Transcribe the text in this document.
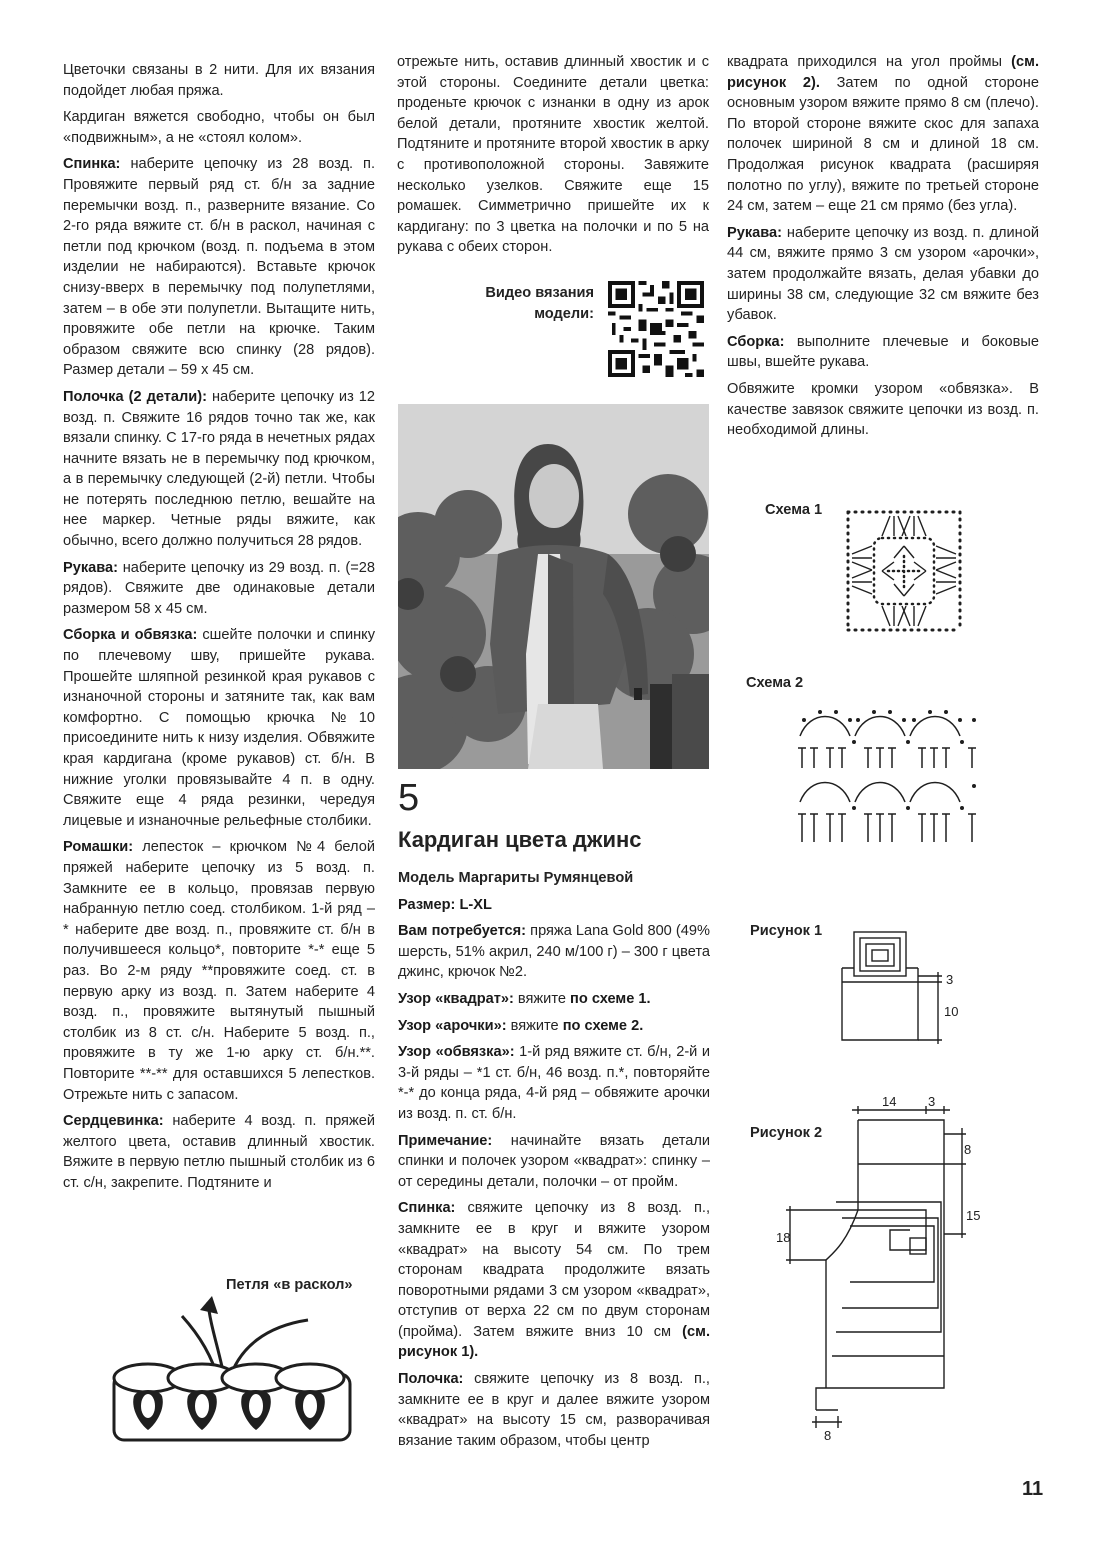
Цветочки связаны в 2 нити. Для их вязания подойдет любая пряжа.

Кардиган вяжется свободно, чтобы он был «подвижным», а не «стоял колом».

Спинка: наберите цепочку из 28 возд. п. Провяжите первый ряд ст. б/н за задние перемычки возд. п., разверните вязание. Со 2-го ряда вяжите ст. б/н в раскол, начиная с петли под крючком (возд. п. подъема в этом изделии не набираются). Вставьте крючок снизу-вверх в перемычку под полупетлями, затем – в обе эти полупетли. Вытащите нить, провяжите обе петли на крючке. Таким образом свяжите всю спинку (28 рядов). Размер детали – 59 х 45 см.

Полочка (2 детали): наберите цепочку из 12 возд. п. Свяжите 16 рядов точно так же, как вязали спинку. С 17-го ряда в нечетных рядах начните вязать не в перемычку под крючком, а в перемычку следующей (2-й) петли. Чтобы не потерять последнюю петлю, вешайте на нее маркер. Четные ряды вяжите, как обычно, всего должно получиться 28 рядов.

Рукава: наберите цепочку из 29 возд. п. (=28 рядов). Свяжите две одинаковые детали размером 58 х 45 см.

Сборка и обвязка: сшейте полочки и спинку по плечевому шву, пришейте рукава. Прошейте шляпной резинкой края рукавов с изнаночной стороны и затяните так, как вам комфортно. С помощью крючка №10 присоедините нить к низу изделия. Обвяжите края кардигана (кроме рукавов) ст. б/н. В нижние уголки провязывайте 4 п. в одну. Свяжите еще 4 ряда резинки, чередуя лицевые и изнаночные рельефные столбики.

Ромашки: лепесток – крючком №4 белой пряжей наберите цепочку из 5 возд. п. Замкните ее в кольцо, провязав первую набранную петлю соед. столбиком. 1-й ряд – * наберите две возд. п., провяжите ст. б/н в получившееся кольцо*, повторите *-* еще 5 раз. Во 2-м ряду **провяжите соед. ст. в первую арку из возд. п. Затем наберите 4 возд. п., провяжите вытянутый пышный столбик из 8 ст. с/н. Наберите 5 возд. п., провяжите в ту же 1-ю арку ст. б/н.**. Повторите **-** для оставшихся 5 лепестков. Отрежьте нить с запасом.

Сердцевинка: наберите 4 возд. п. пряжей желтого цвета, оставив длинный хвостик. Вяжите в первую петлю пышный столбик из 6 ст. с/н, закрепите. Подтяните и

Петля «в раскол»

отрежьте нить, оставив длинный хвостик и с этой стороны. Соедините детали цветка: проденьте крючок с изнанки в одну из арок белой детали, протяните хвостик желтой. Подтяните и протяните второй хвостик в арку с противоположной стороны. Завяжите несколько узелков. Свяжите еще 15 ромашек. Симметрично пришейте их к кардигану: по 3 цветка на полочки и по 5 на рукава с обеих сторон.

Видео вязания модели:
5
Кардиган цвета джинс

Модель Маргариты Румянцевой

Размер: L-XL

Вам потребуется: пряжа Lana Gold 800 (49% шерсть, 51% акрил, 240 м/100 г) – 300 г цвета джинс, крючок №2.

Узор «квадрат»: вяжите по схеме 1.

Узор «арочки»: вяжите по схеме 2.

Узор «обвязка»: 1-й ряд вяжите ст. б/н, 2-й и 3-й ряды – *1 ст. б/н, 46 возд. п.*, повторяйте *-* до конца ряда, 4-й ряд – обвяжите арочки из возд. п. ст. б/н.

Примечание: начинайте вязать детали спинки и полочек узором «квадрат»: спинку – от середины детали, полочки – от пройм.

Спинка: свяжите цепочку из 8 возд. п., замкните ее в круг и вяжите узором «квадрат» на высоту 54 см. По трем сторонам квадрата продолжите вязать поворотными рядами 3 см узором «квадрат», отступив от верха 22 см по двум сторонам (пройма). Затем вяжите вниз 10 см (см. рисунок 1).

Полочка: свяжите цепочку из 8 возд. п., замкните ее в круг и далее вяжите узором «квадрат» на высоту 15 см, разворачивая вязание таким образом, чтобы центр

квадрата приходился на угол проймы (см. рисунок 2). Затем по одной стороне основным узором вяжите прямо 8 см (плечо). По второй стороне вяжите скос для запаха полочек шириной 8 см и длиной 18 см. Продолжая рисунок квадрата (расширяя полотно по углу), вяжите по третьей стороне 24 см, затем – еще 21 см прямо (без угла).

Рукава: наберите цепочку из возд. п. длиной 44 см, вяжите прямо 3 см узором «арочки», затем продолжайте вязать, делая убавки до ширины 38 см, следующие 32 см вяжите без убавок.

Сборка: выполните плечевые и боковые швы, вшейте рукава.

Обвяжите кромки узором «обвязка». В качестве завязок свяжите цепочки из возд. п. необходимой длины.

Схема 1
Схема 2
Рисунок 1
3
10
Рисунок 2
14 3
8
15
18
8
11
